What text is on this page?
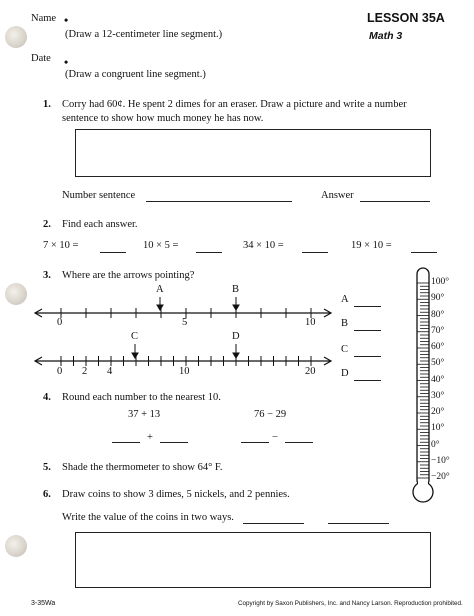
Name •
(Draw a 12-centimeter line segment.)
Date •
(Draw a congruent line segment.)
LESSON 35A
Math 3
1. Corry had 60¢. He spent 2 dimes for an eraser. Draw a picture and write a number
sentence to show how much money he has now.
Number sentence	Answer
2. Find each answer.
7 × 10 =	10 × 5 =	34 × 10 =	19 × 10 =
3. Where are the arrows pointing?
A	B
C	D
0	5	10
0 2 4	10	20
A
B
C
D
100°
90°
80°
70°
60°
50°
40°
30°
20°
10°
0°
−10°
−20°
4. Round each number to the nearest 10.
37 + 13	76 − 29
+	−
5. Shade the thermometer to show 64° F.
6. Draw coins to show 3 dimes, 5 nickels, and 2 pennies.
Write the value of the coins in two ways.
3-35Wa	Copyright by Saxon Publishers, Inc. and Nancy Larson. Reproduction prohibited.
